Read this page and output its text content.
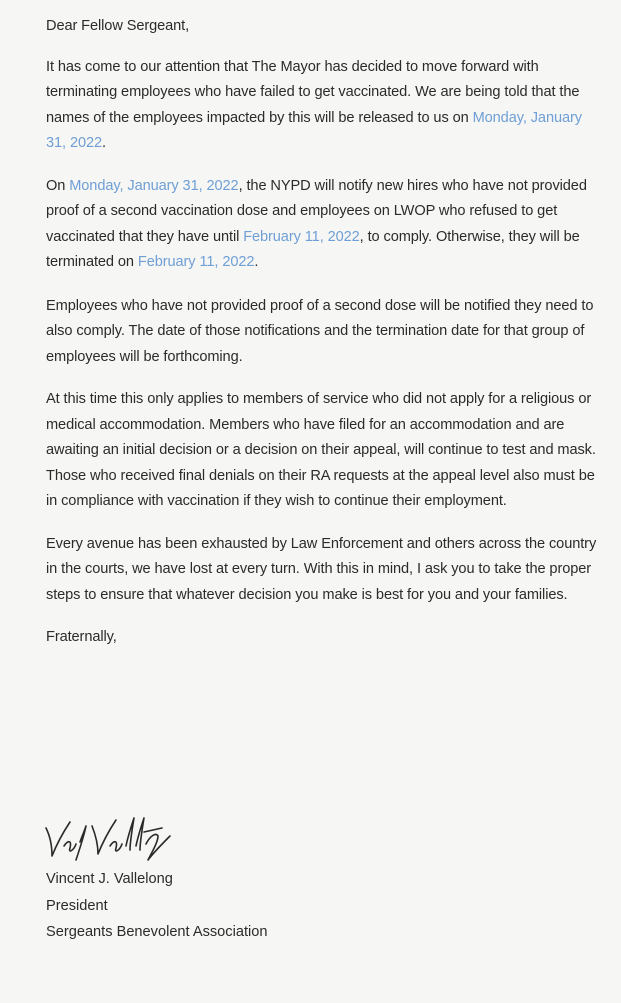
Dear Fellow Sergeant,

It has come to our attention that The Mayor has decided to move forward with terminating employees who have failed to get vaccinated. We are being told that the names of the employees impacted by this will be released to us on Monday, January 31, 2022.

On Monday, January 31, 2022, the NYPD will notify new hires who have not provided proof of a second vaccination dose and employees on LWOP who refused to get vaccinated that they have until February 11, 2022, to comply. Otherwise, they will be terminated on February 11, 2022.

Employees who have not provided proof of a second dose will be notified they need to also comply. The date of those notifications and the termination date for that group of employees will be forthcoming.

At this time this only applies to members of service who did not apply for a religious or medical accommodation. Members who have filed for an accommodation and are awaiting an initial decision or a decision on their appeal, will continue to test and mask. Those who received final denials on their RA requests at the appeal level also must be in compliance with vaccination if they wish to continue their employment.

Every avenue has been exhausted by Law Enforcement and others across the country in the courts, we have lost at every turn. With this in mind, I ask you to take the proper steps to ensure that whatever decision you make is best for you and your families.

Fraternally,

Vincent J. Vallelong
President
Sergeants Benevolent Association
